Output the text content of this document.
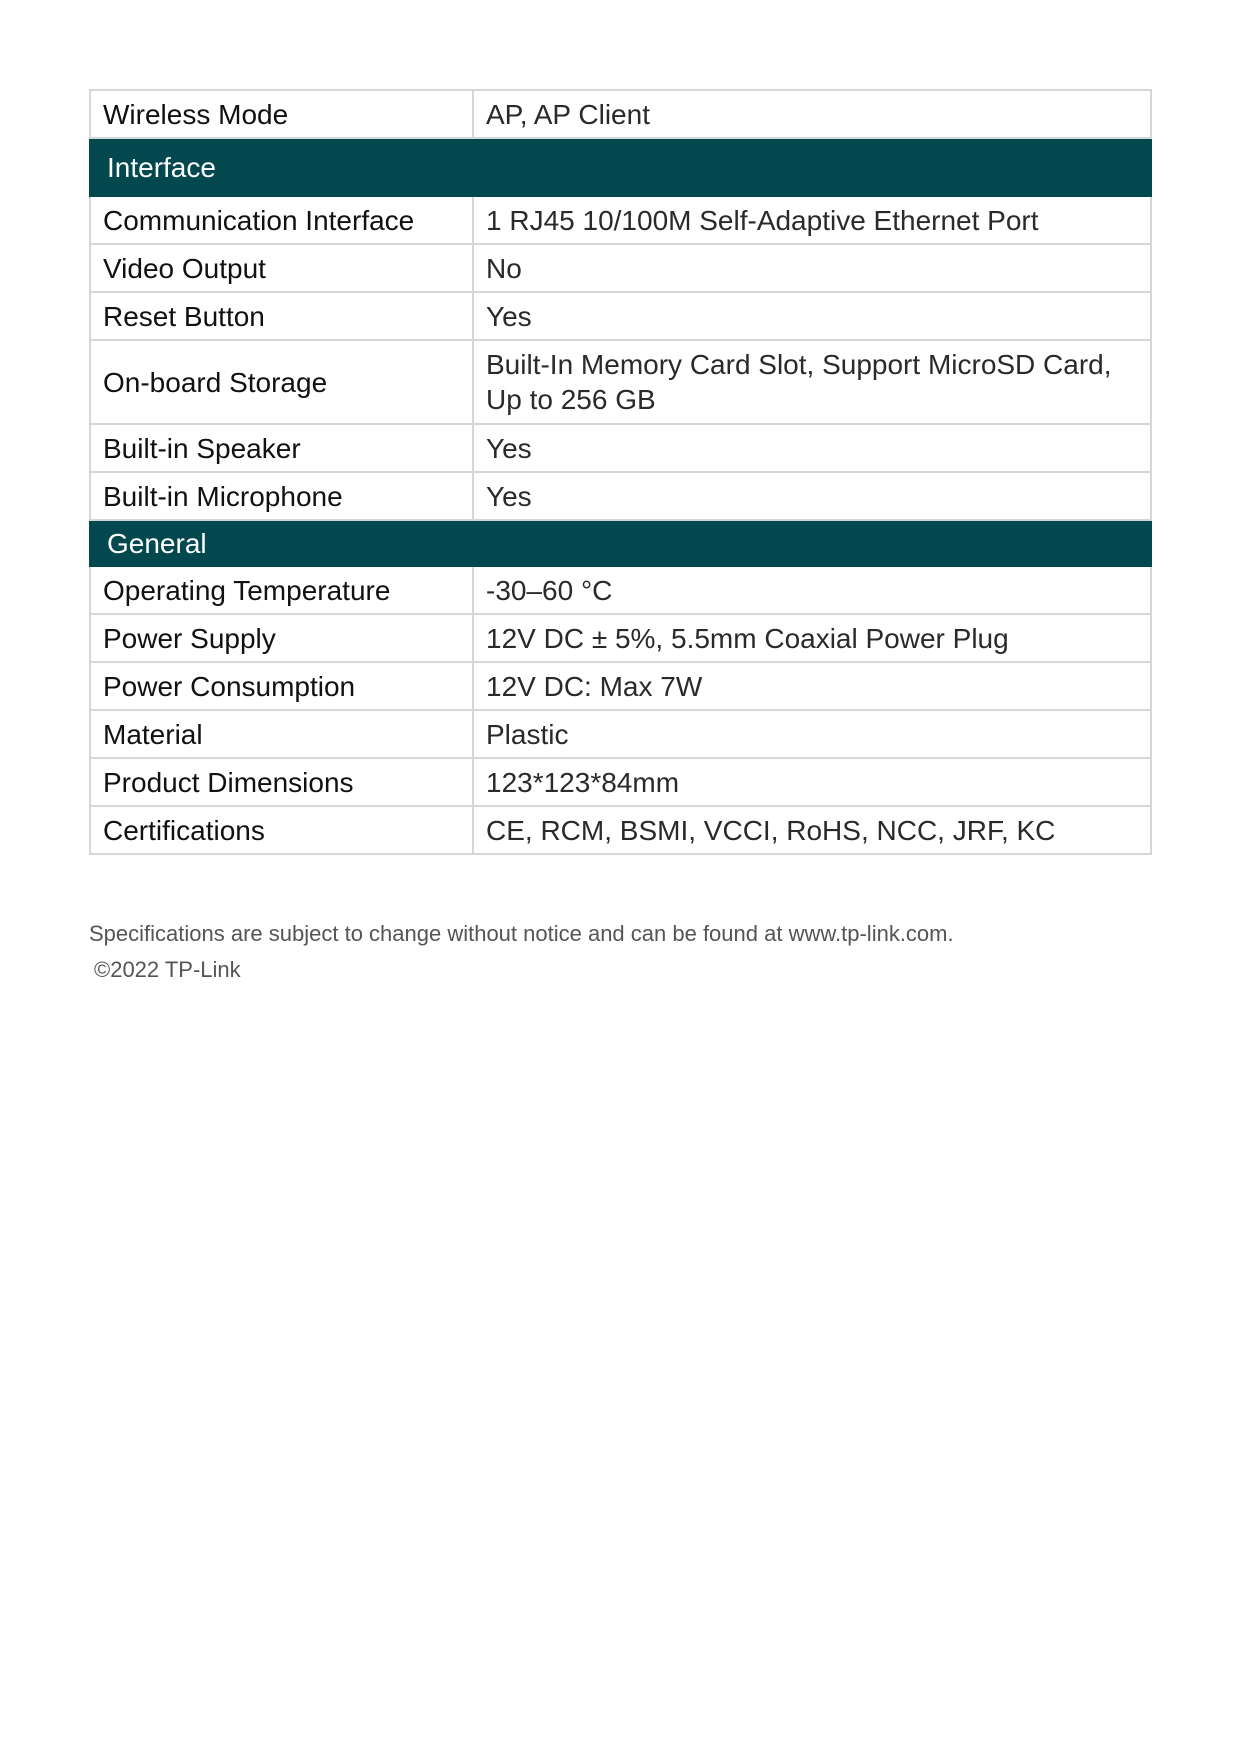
Wireless Mode	AP, AP Client
Interface	
Communication Interface	1 RJ45 10/100M Self-Adaptive Ethernet Port
Video Output	No
Reset Button	Yes
On-board Storage	Built-In Memory Card Slot, Support MicroSD Card, Up to 256 GB
Built-in Speaker	Yes
Built-in Microphone	Yes
General	
Operating Temperature	-30–60 °C
Power Supply	12V DC ± 5%, 5.5mm Coaxial Power Plug
Power Consumption	12V DC: Max 7W
Material	Plastic
Product Dimensions	123*123*84mm
Certifications	CE, RCM, BSMI, VCCI, RoHS, NCC, JRF, KC
Specifications are subject to change without notice and can be found at www.tp-link.com.
©2022 TP-Link
